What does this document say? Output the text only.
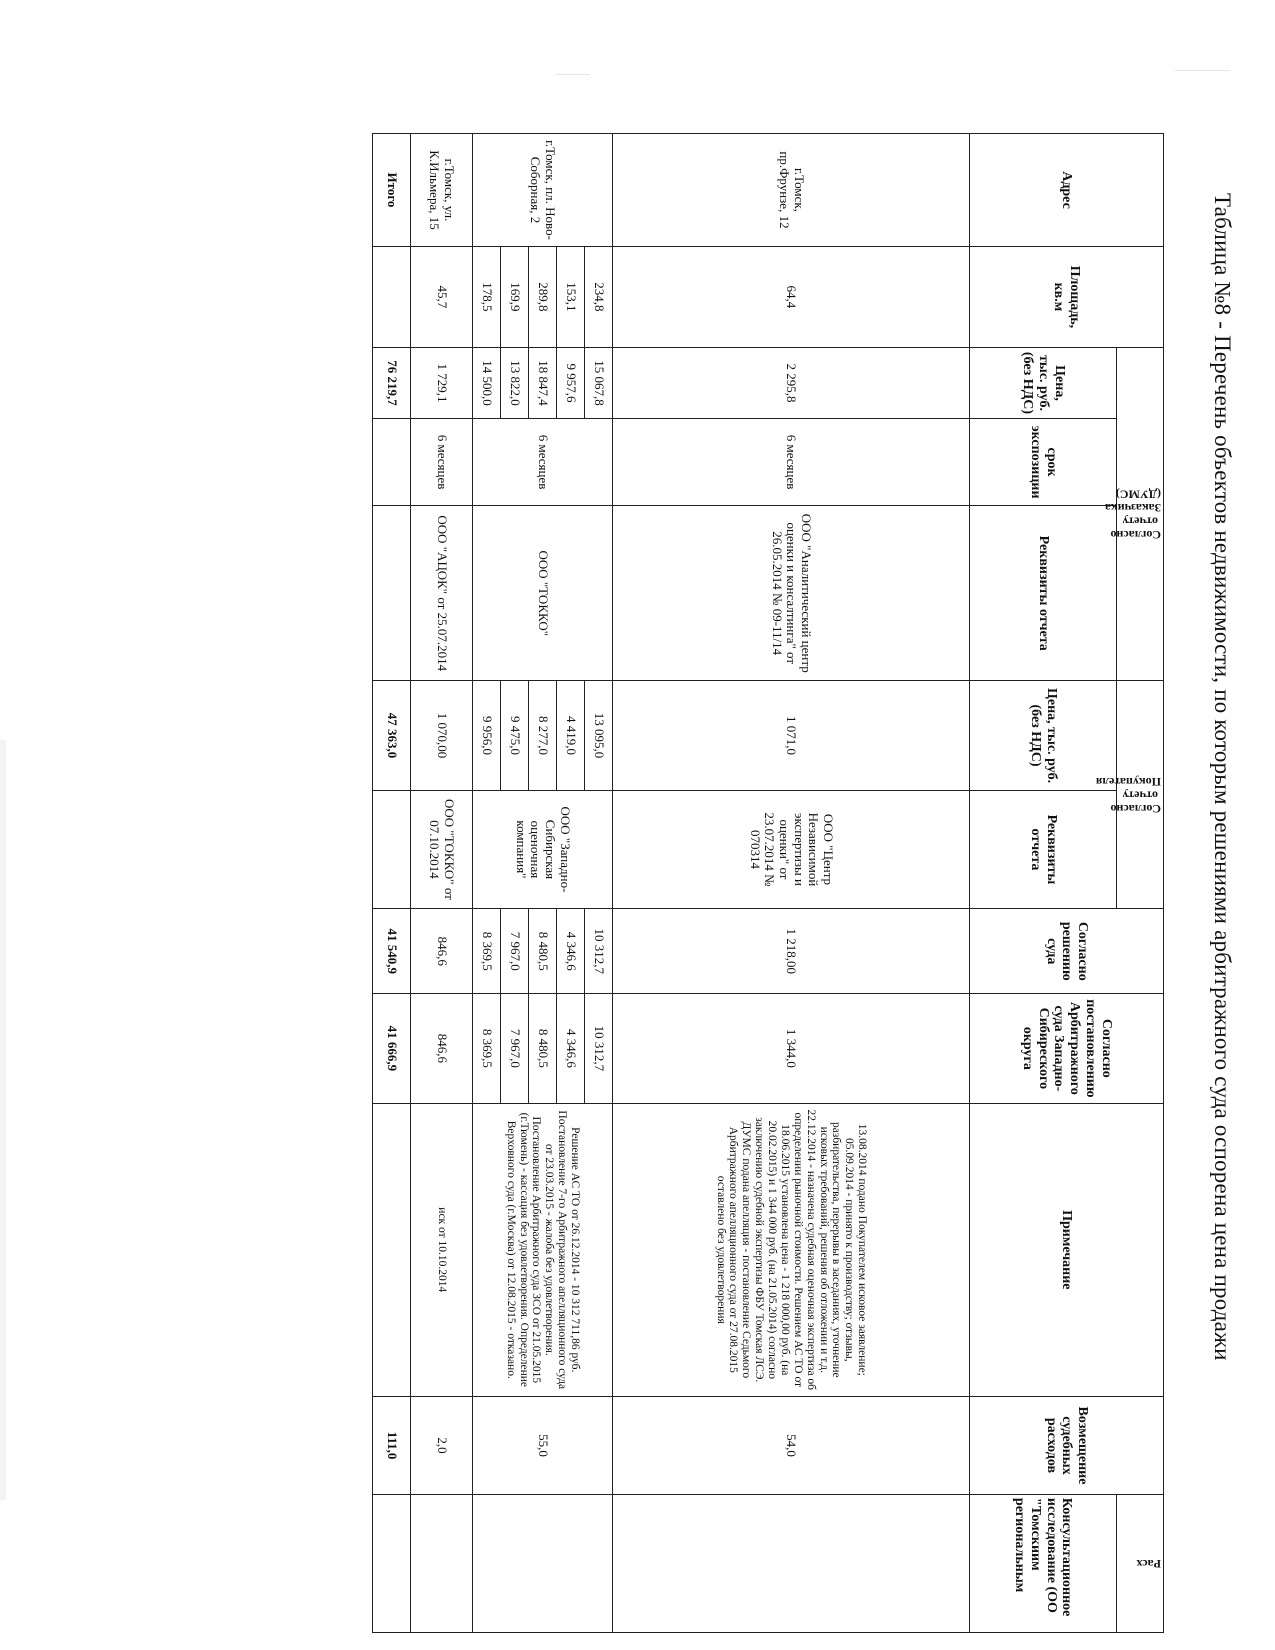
Таблица №8 - Перечень объектов недвижимости, по которым решениями арбитражного суда оспорена цена продажи
Адрес	Площадь, кв.м	Согласно отчету Заказчика (ДУМС)			Согласно отчету Покупателя		Согласно решению суда	Согласно постановлению Арбитражного суда Западно-Сибиреского округа	Примечание	Возмещение судебных расходов	Расх
		Цена, тыс. руб. (без НДС)	срок экспозиции	Реквизиты отчета	Цена, тыс. руб. (без НДС)	Реквизиты отчета					Консультационное исследование (ОО "Томскиим региональным
г.Томск, пр.Фрунзе, 12	64,4	2 295,8	6 месяцев	ООО "Аналитический центр оценки и консалтинга" от 26.05.2014 № 09-11/14	1 071,0	ООО "Центр Независимой экспертизы и оценки" от 23.07.2014 № 070314	1 218,00	1 344,0	13.08.2014 подано Покупателем исковое заявление; 05.09.2014 - принято к производству; отзывы, разбирательства, перерывы в заседаниях, уточнение исковых требований, решения об отложении и т.д. 22.12.2014 - назначена судебная оценочная экспертиза об определении рыночной стоимости. Решением АС ТО от 18.06.2015 установлена цена - 1 218 000,00 руб. (на 20.02.2015) и 1 344 000 руб. (на 21.05.2014) согласно заключению судебной экспертизы ФБУ Томская ЛСЭ. ДУМС подана апелляция - постановление Седьмого Арбитражного апелляционного суда от 27.08.2015 оставлено без удовлетворения	54,0	
г.Томск, пл. Ново-Соборная, 2	234,8	15 067,8	6 месяцев	ООО "ТОККО"	13 095,0	ООО "Западно-Сибирская оценочная компания"	10 312,7	10 312,7	Решение АС ТО от 26.12.2014 - 10 312 711,86 руб. Постановление 7-го Арбитражного апелляционного суда от 23.03.2015 - жалоба без удовлетворения. Постановление Арбитражного суда ЗСО от 21.05.2015 (г.Тюмень) - кассация без удовлетворения. Определение Верховного суда (г.Москва) от 12.08.2015 - отказано.	55,0	
	153,1	9 957,6			4 419,0		4 346,6	4 346,6			
	289,8	18 847,4			8 277,0		8 480,5	8 480,5			
	169,9	13 822,0			9 475,0		7 967,0	7 967,0			
	178,5	14 500,0			9 956,0		8 369,5	8 369,5			
г.Томск, ул. К.Ильмера, 15	45,7	1 729,1	6 месяцев	ООО "АЦОК" от 25.07.2014	1 070,00	ООО "ТОККО" от 07.10.2014	846,6	846,6	иск от 10.10.2014	2,0	
Итого		76 219,7			47 363,0		41 540,9	41 666,9		111,0	
